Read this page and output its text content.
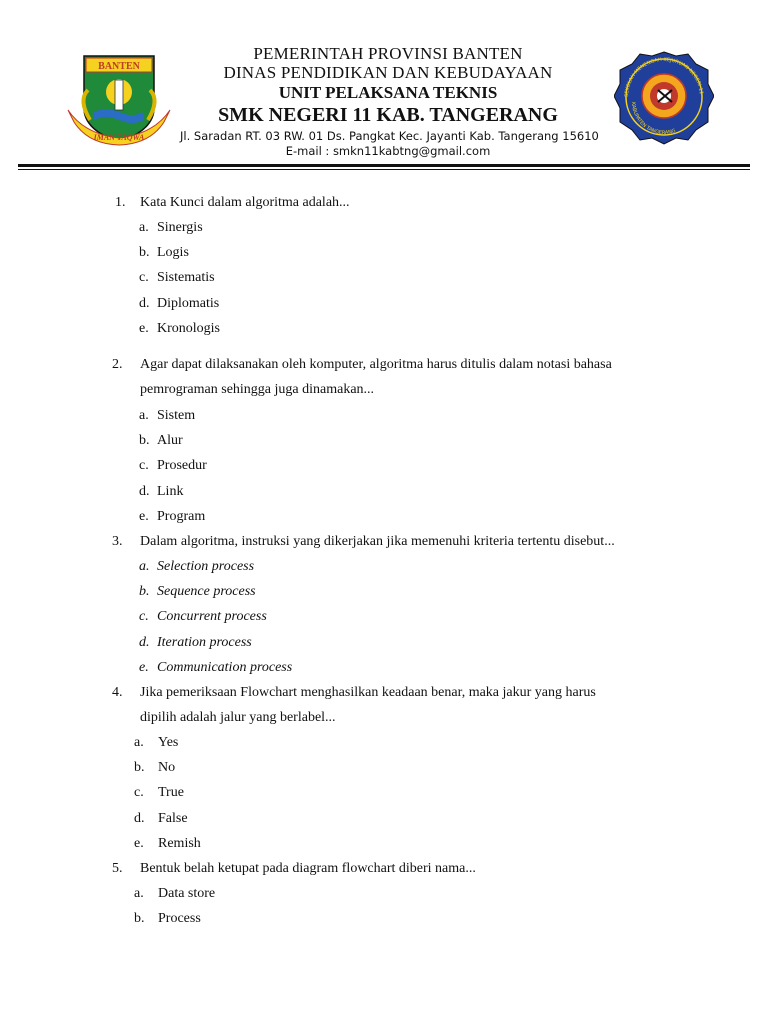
BANTEN
IMAN TAQWA
PEMERINTAH PROVINSI BANTEN
DINAS PENDIDIKAN DAN KEBUDAYAAN
UNIT PELAKSANA TEKNIS
SMK NEGERI 11 KAB. TANGERANG
Jl. Saradan RT. 03 RW. 01 Ds. Pangkat Kec. Jayanti Kab. Tangerang 15610
E-mail : smkn11kabtng@gmail.com
SEKOLAH MENENGAH KEJURUAN NEGERI 11
KABUPATEN TANGERANG
1. Kata Kunci dalam algoritma adalah...
a. Sinergis
b. Logis
c. Sistematis
d. Diplomatis
e. Kronologis
2. Agar dapat dilaksanakan oleh komputer, algoritma harus ditulis dalam notasi bahasa
pemrograman sehingga juga dinamakan...
a. Sistem
b. Alur
c. Prosedur
d. Link
e. Program
3. Dalam algoritma, instruksi yang dikerjakan jika memenuhi kriteria tertentu disebut...
a. Selection process
b. Sequence process
c. Concurrent process
d. Iteration process
e. Communication process
4. Jika pemeriksaan Flowchart menghasilkan keadaan benar, maka jakur yang harus
dipilih adalah jalur yang berlabel...
a. Yes
b. No
c. True
d. False
e. Remish
5. Bentuk belah ketupat pada diagram flowchart diberi nama...
a. Data store
b. Process
